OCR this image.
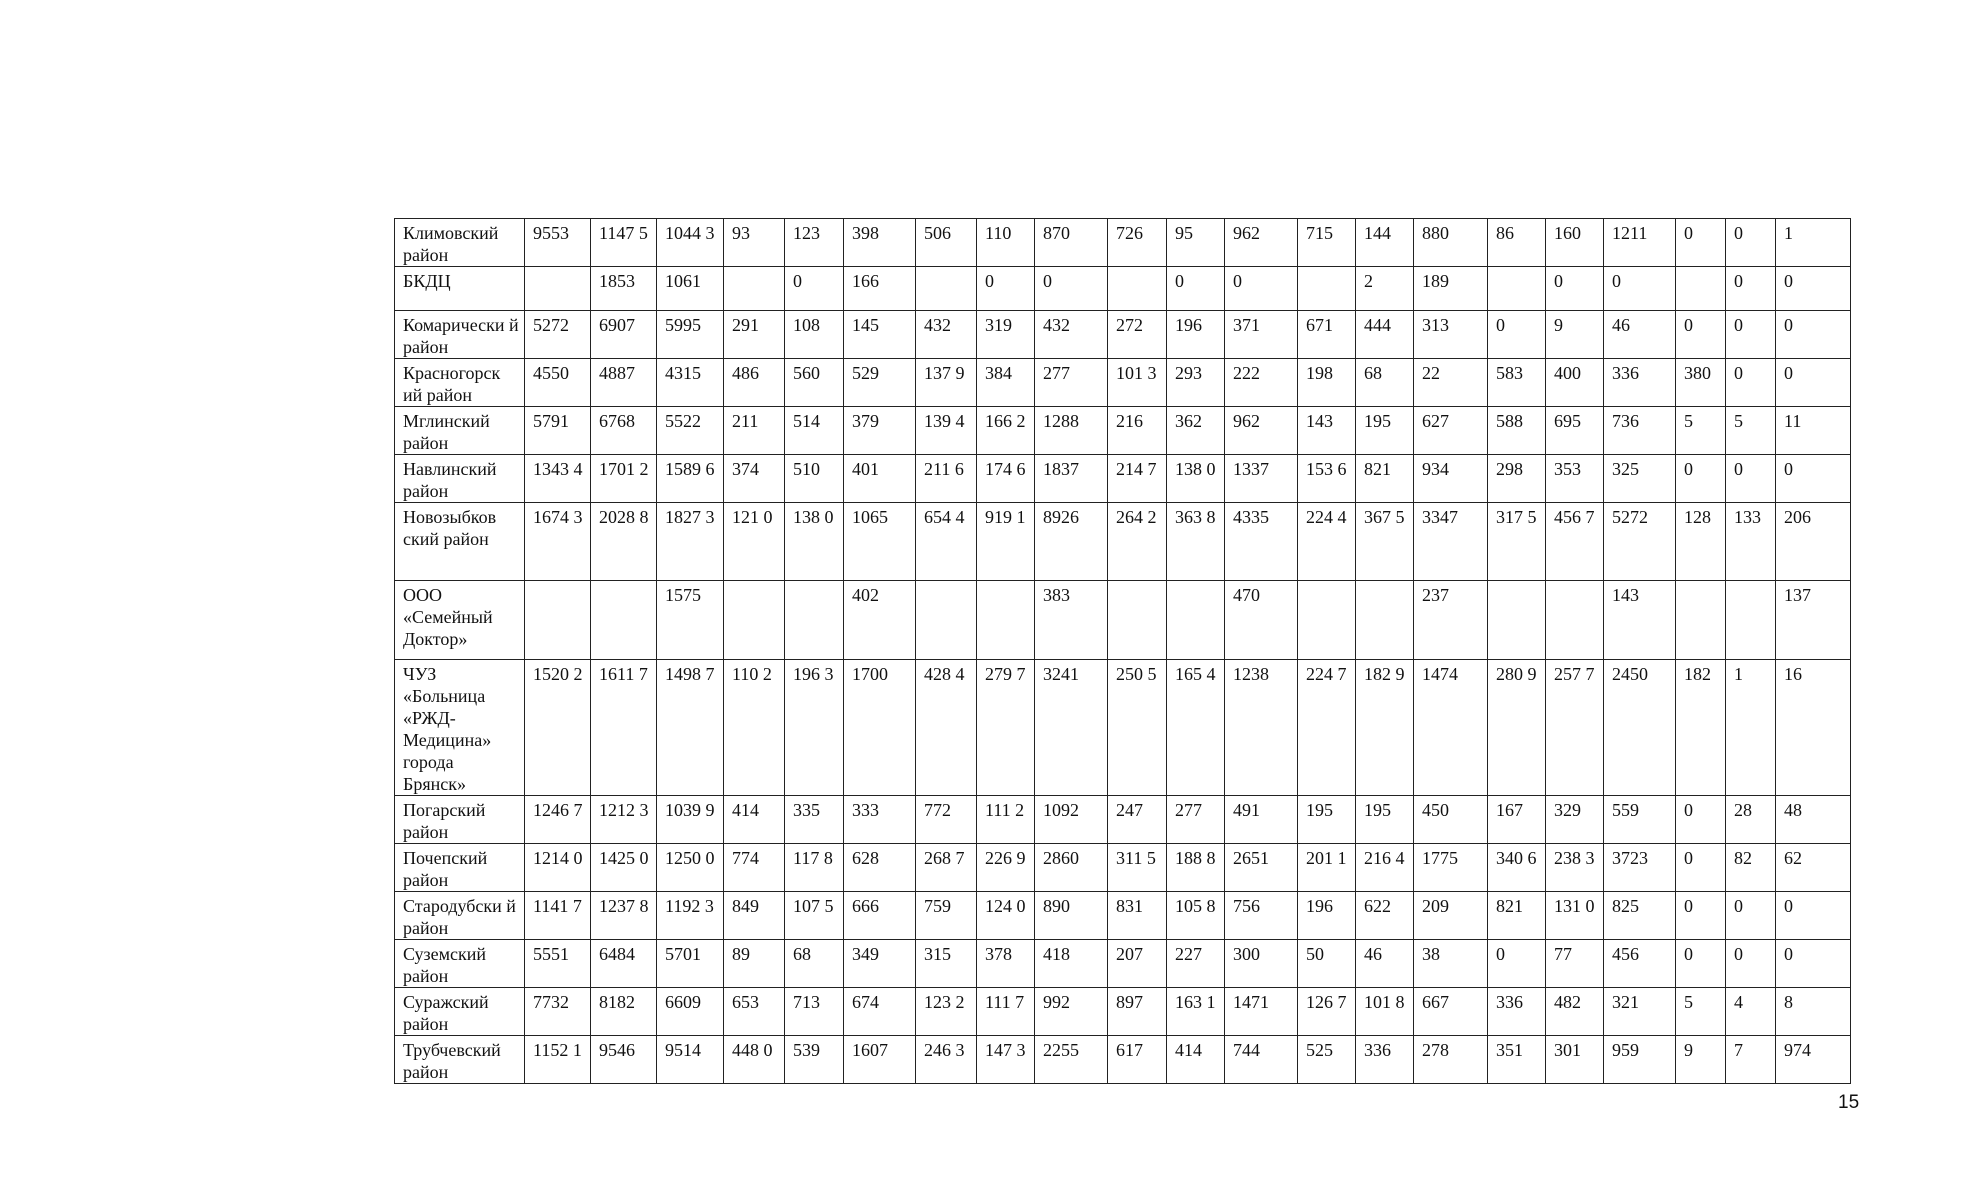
Климовский район	9553	1147 5	1044 3	93	123	398	506	110	870	726	95	962	715	144	880	86	160	1211	0	0	1
БКДЦ		1853	1061		0	166		0	0		0	0		2	189		0	0		0	0
Комарически й район	5272	6907	5995	291	108	145	432	319	432	272	196	371	671	444	313	0	9	46	0	0	0
Красногорск ий район	4550	4887	4315	486	560	529	137 9	384	277	101 3	293	222	198	68	22	583	400	336	380	0	0
Мглинский район	5791	6768	5522	211	514	379	139 4	166 2	1288	216	362	962	143	195	627	588	695	736	5	5	11
Навлинский район	1343 4	1701 2	1589 6	374	510	401	211 6	174 6	1837	214 7	138 0	1337	153 6	821	934	298	353	325	0	0	0
Новозыбков ский район	1674 3	2028 8	1827 3	121 0	138 0	1065	654 4	919 1	8926	264 2	363 8	4335	224 4	367 5	3347	317 5	456 7	5272	128	133	206
ООО «Семейный Доктор»			1575			402			383			470			237			143			137
ЧУЗ «Больница «РЖД-Медицина» города Брянск»	1520 2	1611 7	1498 7	110 2	196 3	1700	428 4	279 7	3241	250 5	165 4	1238	224 7	182 9	1474	280 9	257 7	2450	182	1	16
Погарский район	1246 7	1212 3	1039 9	414	335	333	772	111 2	1092	247	277	491	195	195	450	167	329	559	0	28	48
Почепский район	1214 0	1425 0	1250 0	774	117 8	628	268 7	226 9	2860	311 5	188 8	2651	201 1	216 4	1775	340 6	238 3	3723	0	82	62
Стародубски й район	1141 7	1237 8	1192 3	849	107 5	666	759	124 0	890	831	105 8	756	196	622	209	821	131 0	825	0	0	0
Суземский район	5551	6484	5701	89	68	349	315	378	418	207	227	300	50	46	38	0	77	456	0	0	0
Суражский район	7732	8182	6609	653	713	674	123 2	111 7	992	897	163 1	1471	126 7	101 8	667	336	482	321	5	4	8
Трубчевский район	1152 1	9546	9514	448 0	539	1607	246 3	147 3	2255	617	414	744	525	336	278	351	301	959	9	7	974
15
